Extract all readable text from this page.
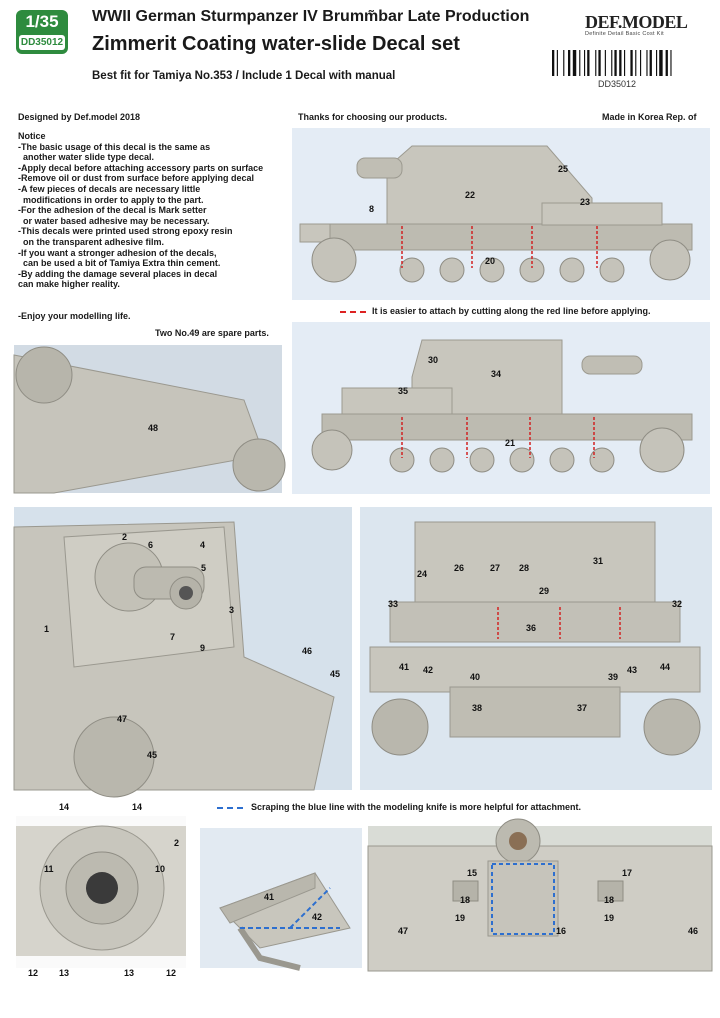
1/35
DD35012
WWII German Sturmpanzer IV Brumm̃bar Late Production
Zimmerit Coating water-slide Decal set
Best fit for Tamiya No.353 / Include 1 Decal with manual
DEF.MODEL
Definite Detail Basic Cost Kit
DD35012
Designed by Def.model 2018	Thanks for choosing our products.	Made in Korea Rep. of
Notice
-The basic usage of this decal is the same as
another water slide type decal.
-Apply decal before attaching accessory parts on surface
-Remove oil or dust from surface before applying decal
-A few pieces of decals are necessary little
modifications in order to apply to the part.
-For the adhesion of the decal is Mark setter
or water based adhesive may be necessary.
-This decals were printed used strong epoxy resin
on the transparent adhesive film.
-If you want a stronger adhesion of the decals,
can be used a bit of Tamiya Extra thin cement.
-By adding the damage several places in decal
can make higher reality.
-Enjoy your modelling life.
Two No.49 are spare parts.
It is easier to attach by cutting along the red line before applying.
25
22
8
23
20
48
30
34
35
21
2
6	4
5
3
1
7
9	46
45
47
45
31
24
26	27 28
29
33	32
36
41 42
40
43	44
39
38	37
Scraping the blue line with the modeling knife is more helpful for attachment.
14	14
11	10
2
12 13	13	12
41
42
15	17
18	18
19	19
47	16	46
